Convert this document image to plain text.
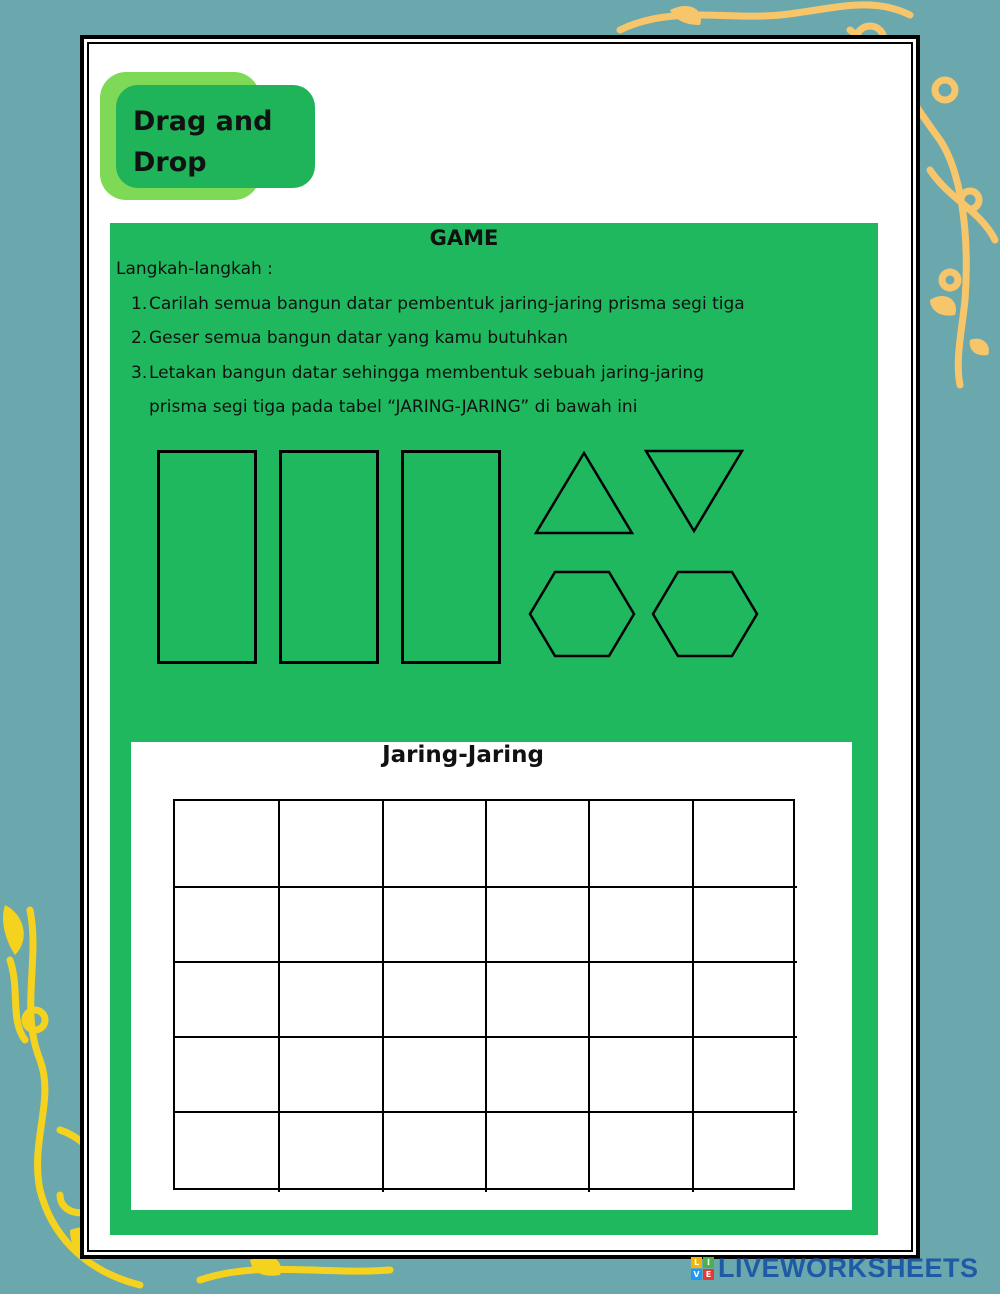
Drag and
Drop
GAME
Langkah-langkah :
1. Carilah semua bangun datar pembentuk jaring-jaring prisma segi tiga
2. Geser semua bangun datar yang kamu butuhkan
3. Letakan bangun datar sehingga membentuk sebuah jaring-jaring
prisma segi tiga pada tabel “JARING-JARING” di bawah ini
Jaring-Jaring
L I
V E LIVEWORKSHEETS
